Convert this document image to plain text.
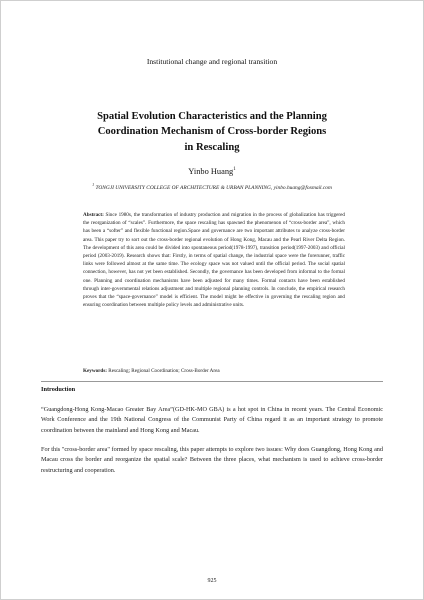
Institutional change and regional transition
Spatial Evolution Characteristics and the Planning
Coordination Mechanism of Cross-border Regions
in Rescaling
Yinbo Huang$^1$
$^1$ TONGJI UNIVERSITY COLLEGE OF ARCHITECTURE & URBAN PLANNING, yinbo.huang@foxmail.com
Abstract: Since 1980s, the transformation of industry production and migration in the process of globalization has triggered the reorganization of “scales”. Furthermore, the space rescaling has spawned the phenomenon of “cross-border area”, which has been a “softer” and flexible functional region.Space and governance are two important attributes to analyze cross-border area. This paper try to sort out the cross-border regional evolution of Hong Kong, Macau and the Pearl River Delta Region. The development of this area could be divided into spontaneous period(1978-1997), transition period(1997-2003) and official period (2003-2019). Research shows that: Firstly, in terms of spatial change, the industrial space were the forerunner, traffic links were followed almost at the same time. The ecology space was not valued until the official period. The social spatial connection, however, has not yet been established. Secondly, the governance has been developed from informal to the formal one. Planning and coordination mechanisms have been adjusted for many times. Formal contacts have been established through inter-governmental relations adjustment and multiple regional planning controls. In conclude, the empirical research proves that the “space-governance” model is efficient. The model might be effective in governing the rescaling region and ensuring coordination between multiple policy levels and administrative units.
Keywords: Rescaling; Regional Coordination; Cross-Border Area
Introduction
“Guangdong-Hong Kong-Macao Greater Bay Area”(GD-HK-MO GBA) is a hot spot in China in recent years. The Central Economic Work Conference and the 19th National Congress of the Communist Party of China regard it as an important strategy to promote coordination between the mainland and Hong Kong and Macau.
For this "cross-border area" formed by space rescaling, this paper attempts to explore two issues: Why does Guangdong, Hong Kong and Macau cross the border and reorganize the spatial scale? Between the three places, what mechanism is used to achieve cross-border restructuring and cooperation.
925
